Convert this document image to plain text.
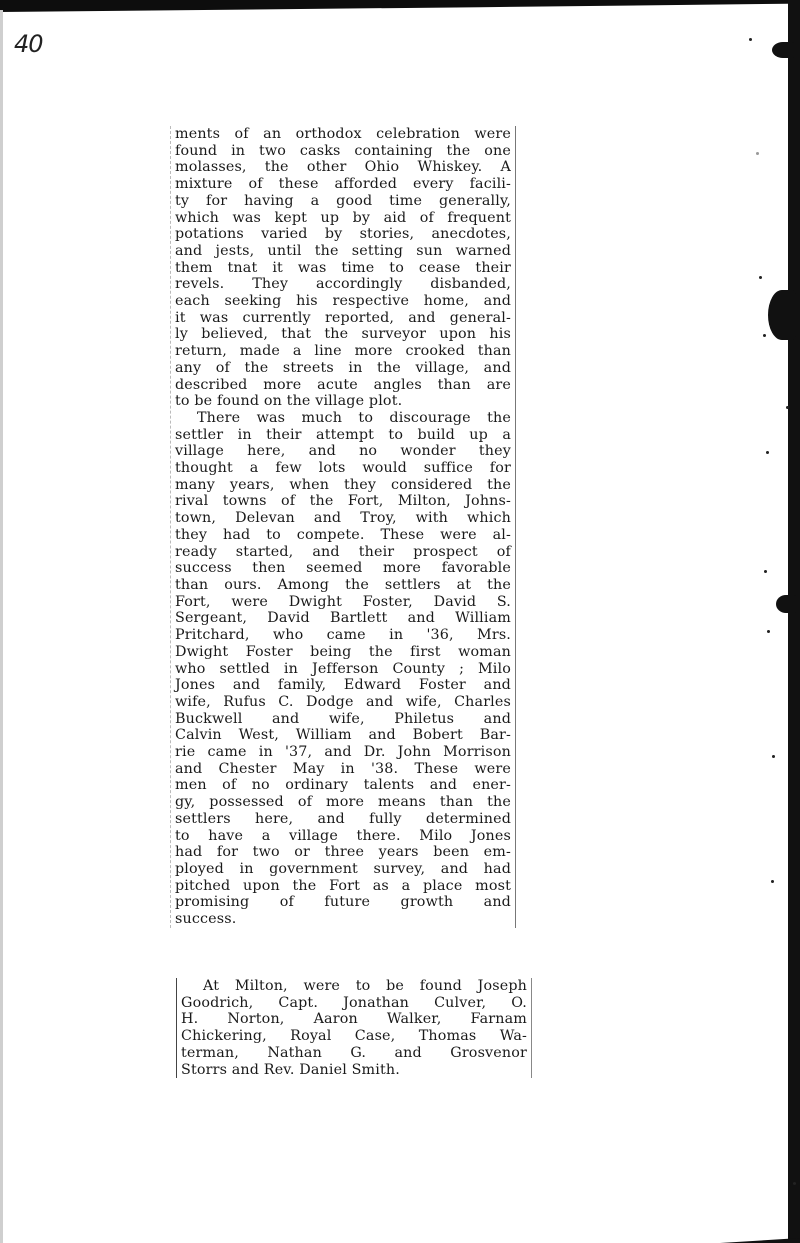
40

ments of an orthodox celebration were
found in two casks containing the one
molasses, the other Ohio Whiskey. A
mixture of these afforded every facili-
ty for having a good time generally,
which was kept up by aid of frequent
potations varied by stories, anecdotes,
and jests, until the setting sun warned
them tnat it was time to cease their
revels. They accordingly disbanded,
each seeking his respective home, and
it was currently reported, and general-
ly believed, that the surveyor upon his
return, made a line more crooked than
any of the streets in the village, and
described more acute angles than are
to be found on the village plot.

There was much to discourage the
settler in their attempt to build up a
village here, and no wonder they
thought a few lots would suffice for
many years, when they considered the
rival towns of the Fort, Milton, Johns-
town, Delevan and Troy, with which
they had to compete. These were al-
ready started, and their prospect of
success then seemed more favorable
than ours. Among the settlers at the
Fort, were Dwight Foster, David S.
Sergeant, David Bartlett and William
Pritchard, who came in '36, Mrs.
Dwight Foster being the first woman
who settled in Jefferson County ; Milo
Jones and family, Edward Foster and
wife, Rufus C. Dodge and wife, Charles
Buckwell and wife, Philetus and
Calvin West, William and Bobert Bar-
rie came in '37, and Dr. John Morrison
and Chester May in '38. These were
men of no ordinary talents and ener-
gy, possessed of more means than the
settlers here, and fully determined
to have a village there. Milo Jones
had for two or three years been em-
ployed in government survey, and had
pitched upon the Fort as a place most
promising of future growth and
success.

At Milton, were to be found Joseph
Goodrich, Capt. Jonathan Culver, O.
H. Norton, Aaron Walker, Farnam
Chickering, Royal Case, Thomas Wa-
terman, Nathan G. and Grosvenor
Storrs and Rev. Daniel Smith.
